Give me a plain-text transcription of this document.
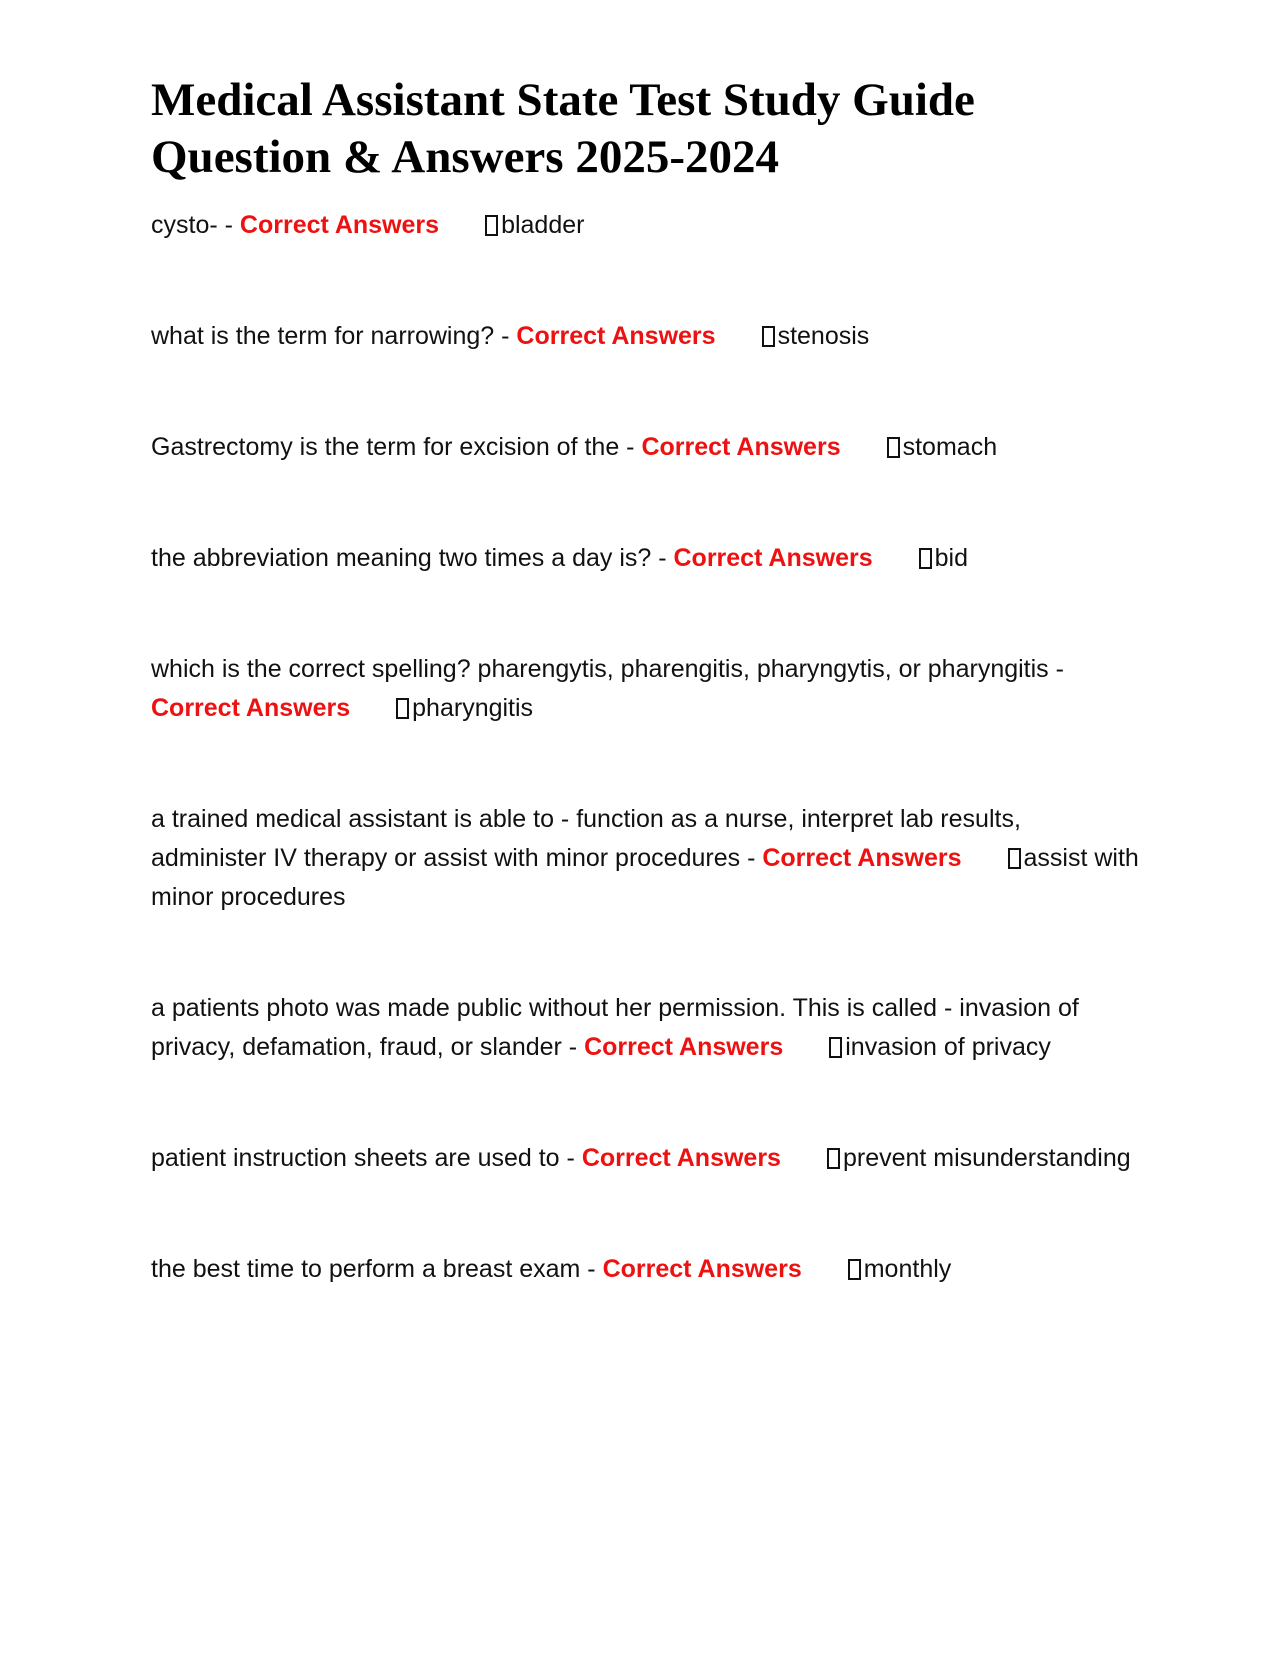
Medical Assistant State Test Study Guide Question & Answers 2025-2024

cysto- - Correct Answers bladder

what is the term for narrowing? - Correct Answers stenosis

Gastrectomy is the term for excision of the - Correct Answers stomach

the abbreviation meaning two times a day is? - Correct Answers bid

which is the correct spelling? pharengytis, pharengitis, pharyngytis, or pharyngitis - Correct Answers pharyngitis

a trained medical assistant is able to - function as a nurse, interpret lab results, administer IV therapy or assist with minor procedures - Correct Answers assist with minor procedures

a patients photo was made public without her permission. This is called - invasion of privacy, defamation, fraud, or slander - Correct Answers invasion of privacy

patient instruction sheets are used to - Correct Answers prevent misunderstanding

the best time to perform a breast exam - Correct Answers monthly
